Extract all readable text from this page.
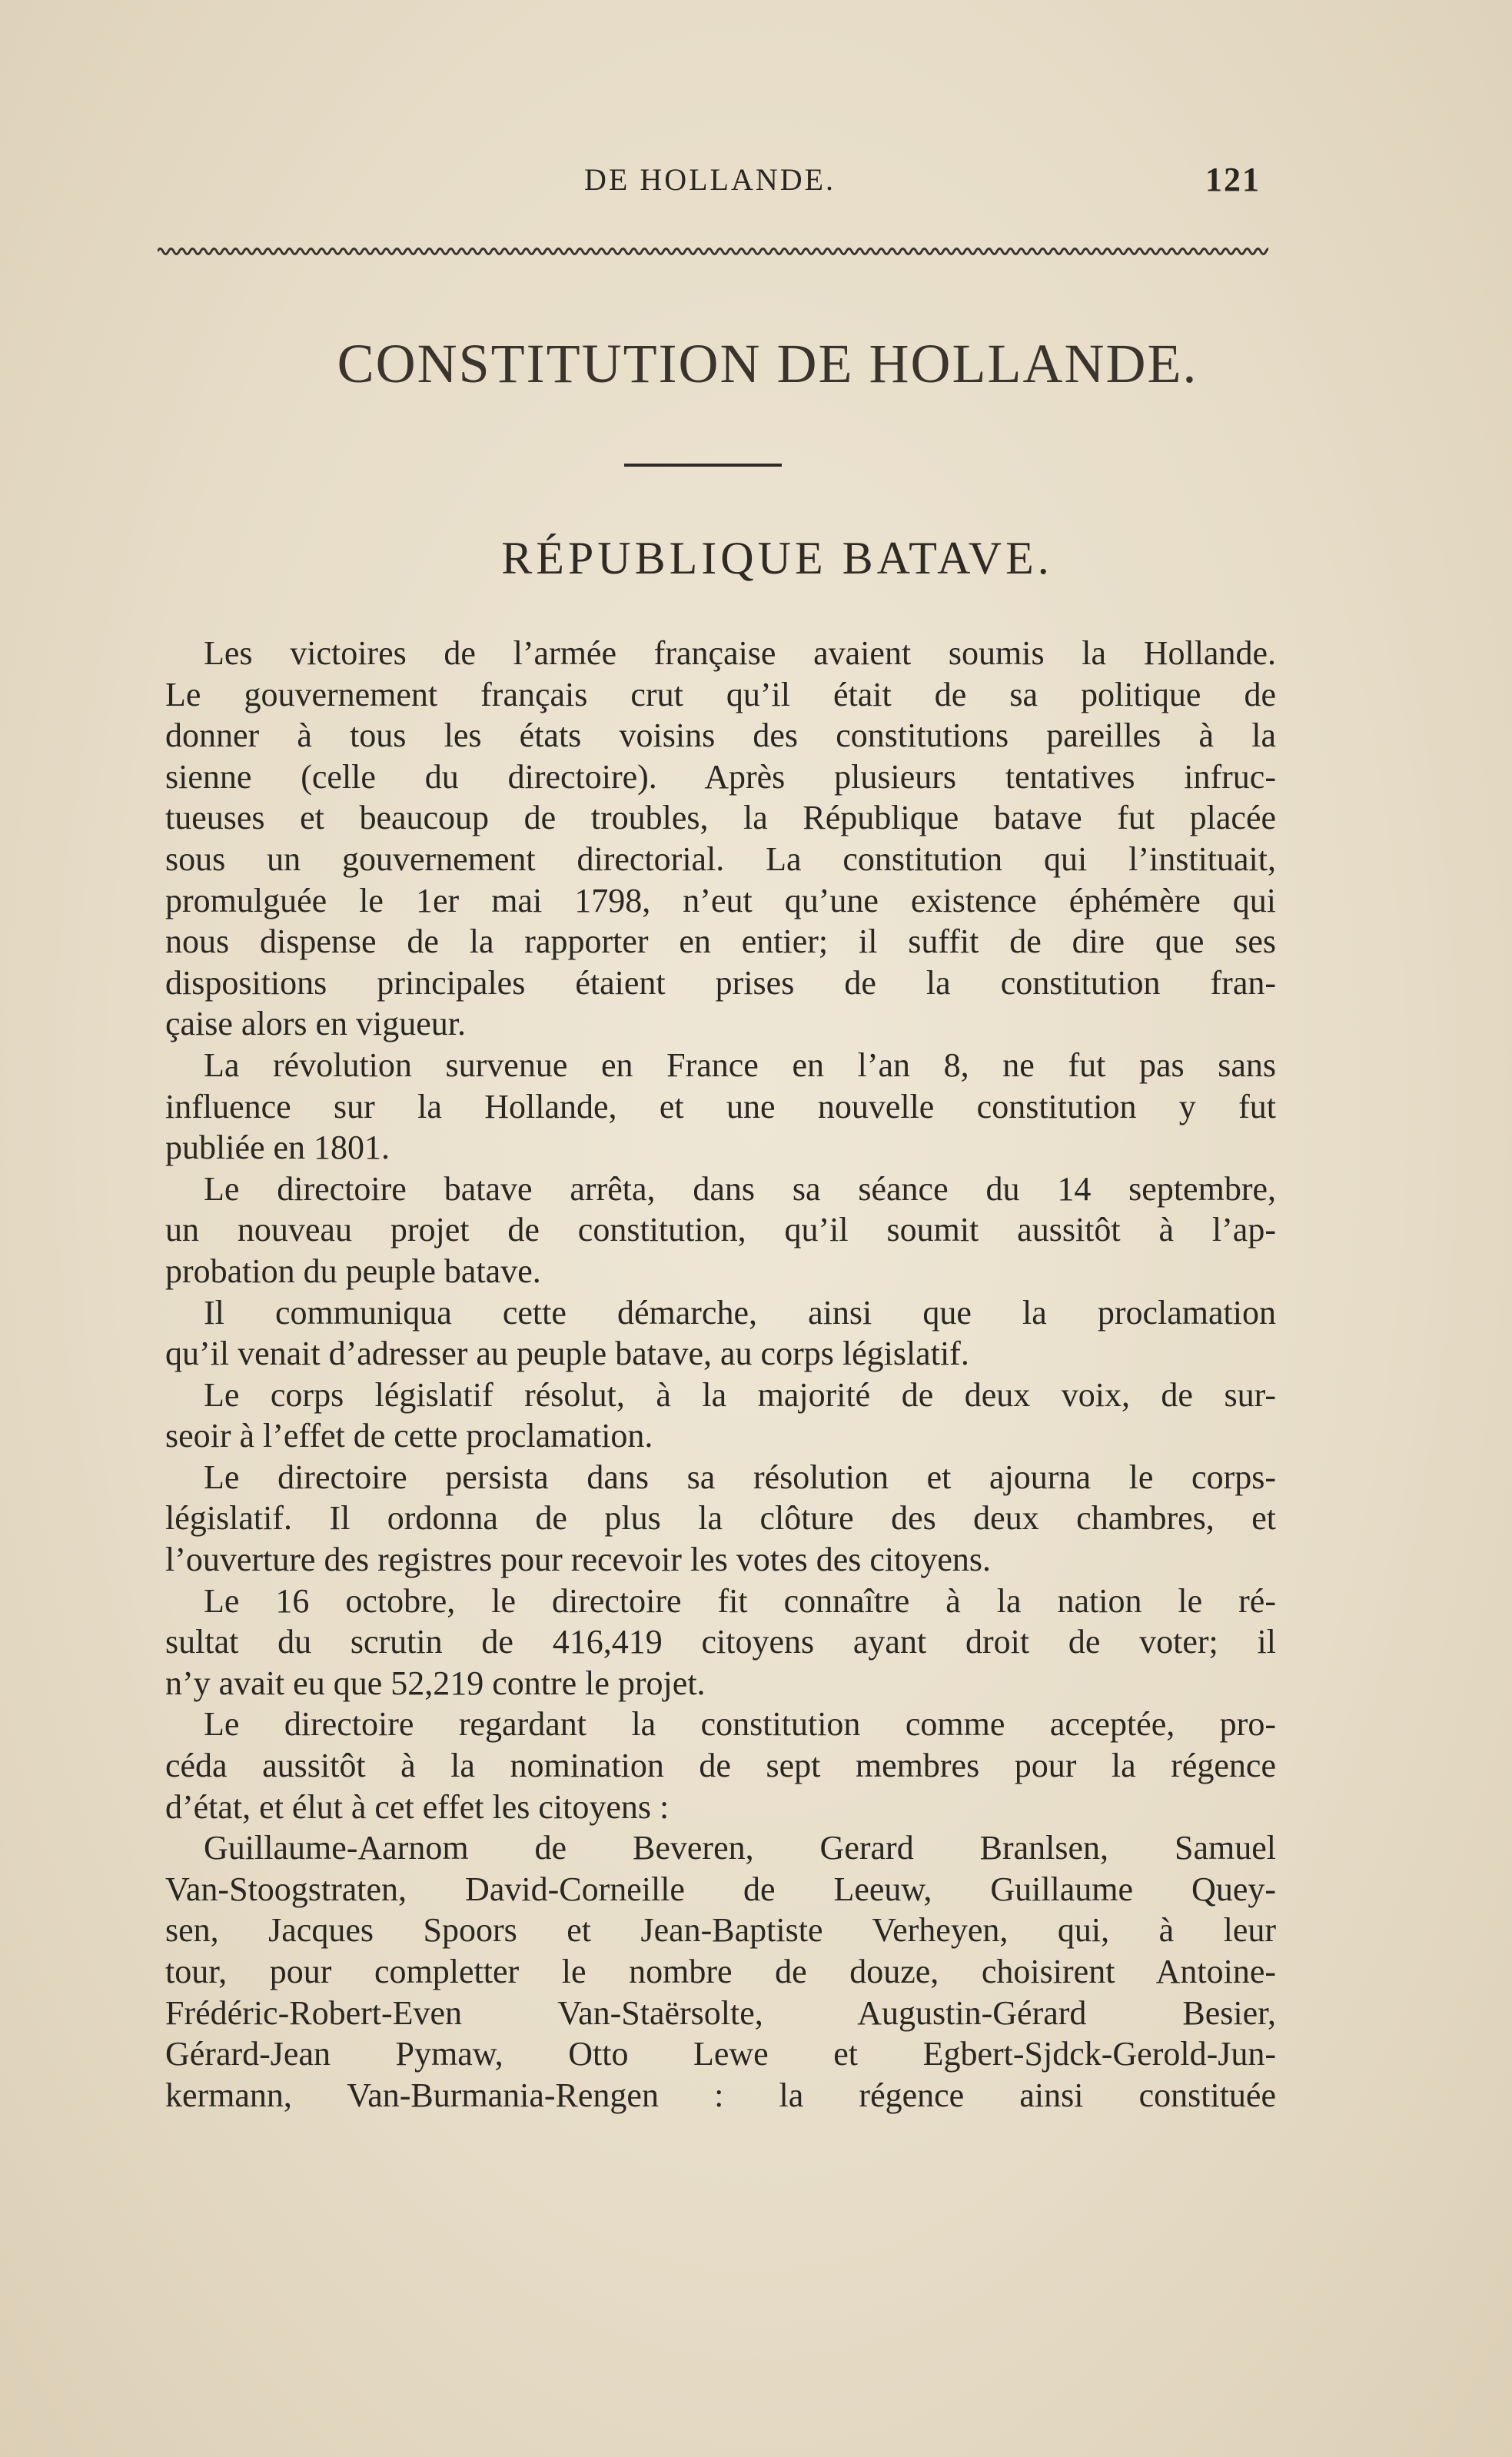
DE HOLLANDE.	121
CONSTITUTION DE HOLLANDE.
RÉPUBLIQUE BATAVE.
Les victoires de l’armée française avaient soumis la Hollande.
Le gouvernement français crut qu’il était de sa politique de
donner à tous les états voisins des constitutions pareilles à la
sienne (celle du directoire). Après plusieurs tentatives infruc-
tueuses et beaucoup de troubles, la République batave fut placée
sous un gouvernement directorial. La constitution qui l’instituait,
promulguée le 1er mai 1798, n’eut qu’une existence éphémère qui
nous dispense de la rapporter en entier; il suffit de dire que ses
dispositions principales étaient prises de la constitution fran-
çaise alors en vigueur.
La révolution survenue en France en l’an 8, ne fut pas sans
influence sur la Hollande, et une nouvelle constitution y fut
publiée en 1801.
Le directoire batave arrêta, dans sa séance du 14 septembre,
un nouveau projet de constitution, qu’il soumit aussitôt à l’ap-
probation du peuple batave.
Il communiqua cette démarche, ainsi que la proclamation
qu’il venait d’adresser au peuple batave, au corps législatif.
Le corps législatif résolut, à la majorité de deux voix, de sur-
seoir à l’effet de cette proclamation.
Le directoire persista dans sa résolution et ajourna le corps-
législatif. Il ordonna de plus la clôture des deux chambres, et
l’ouverture des registres pour recevoir les votes des citoyens.
Le 16 octobre, le directoire fit connaître à la nation le ré-
sultat du scrutin de 416,419 citoyens ayant droit de voter; il
n’y avait eu que 52,219 contre le projet.
Le directoire regardant la constitution comme acceptée, pro-
céda aussitôt à la nomination de sept membres pour la régence
d’état, et élut à cet effet les citoyens :
Guillaume-Aarnom de Beveren, Gerard Branlsen, Samuel
Van-Stoogstraten, David-Corneille de Leeuw, Guillaume Quey-
sen, Jacques Spoors et Jean-Baptiste Verheyen, qui, à leur
tour, pour completter le nombre de douze, choisirent Antoine-
Frédéric-Robert-Even Van-Staërsolte, Augustin-Gérard Besier,
Gérard-Jean Pymaw, Otto Lewe et Egbert-Sjdck-Gerold-Jun-
kermann, Van-Burmania-Rengen : la régence ainsi constituée
